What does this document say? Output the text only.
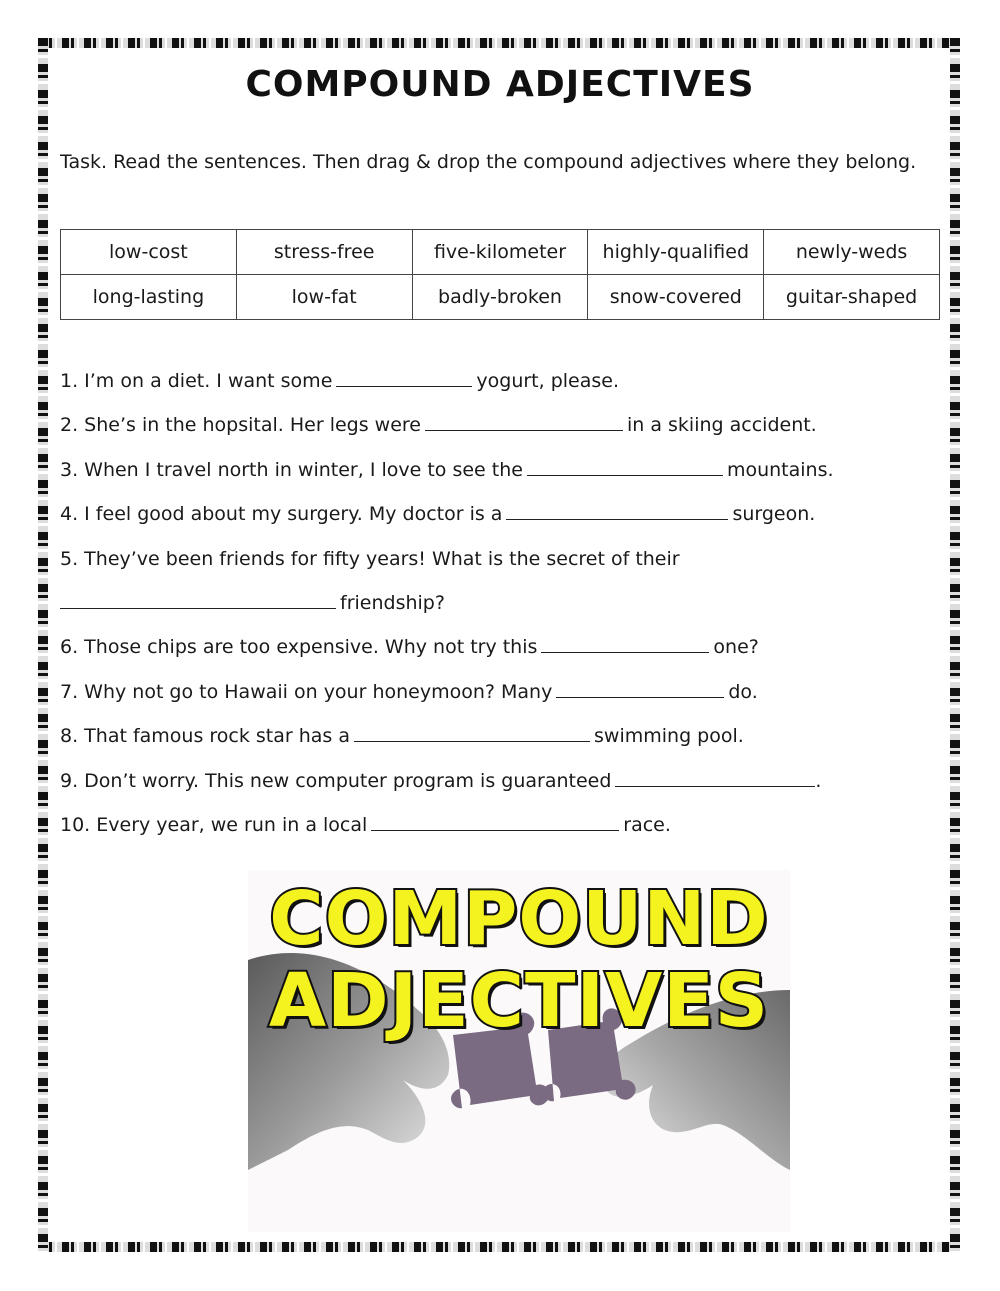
COMPOUND ADJECTIVES

Task. Read the sentences. Then drag & drop the compound adjectives where they belong.

low-cost	stress-free	five-kilometer	highly-qualified	newly-weds
long-lasting	low-fat	badly-broken	snow-covered	guitar-shaped
1. I’m on a diet. I want some	yogurt, please.
2. She’s in the hopsital. Her legs were	in a skiing accident.
3. When I travel north in winter, I love to see the	mountains.
4. I feel good about my surgery. My doctor is a	surgeon.
5. They’ve been friends for fifty years! What is the secret of their
friendship?
6. Those chips are too expensive. Why not try this	one?
7. Why not go to Hawaii on your honeymoon? Many	do.
8. That famous rock star has a	swimming pool.
9. Don’t worry. This new computer program is guaranteed	.
10. Every year, we run in a local	race.
COMPOUND
ADJECTIVES
